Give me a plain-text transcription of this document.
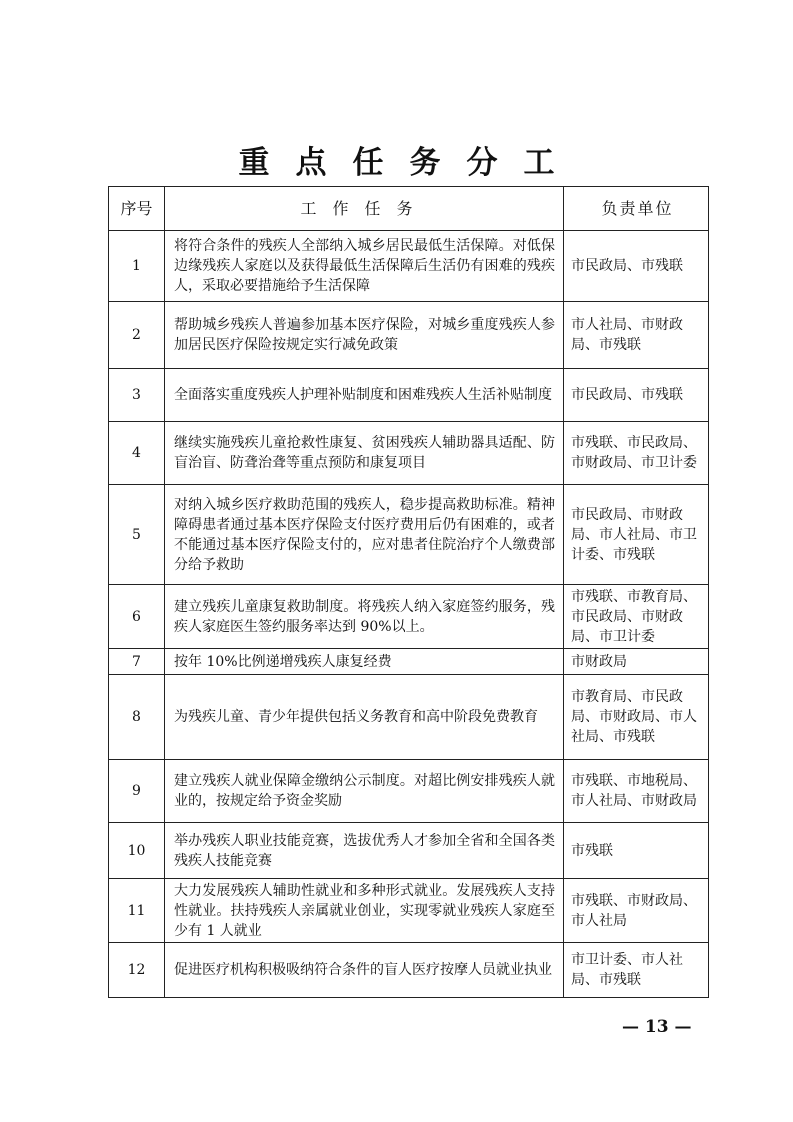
重点任务分工
序号	工作任务	负责单位
1	将符合条件的残疾人全部纳入城乡居民最低生活保障。对低保边缘残疾人家庭以及获得最低生活保障后生活仍有困难的残疾人，采取必要措施给予生活保障	市民政局、市残联
2	帮助城乡残疾人普遍参加基本医疗保险，对城乡重度残疾人参加居民医疗保险按规定实行减免政策	市人社局、市财政局、市残联
3	全面落实重度残疾人护理补贴制度和困难残疾人生活补贴制度	市民政局、市残联
4	继续实施残疾儿童抢救性康复、贫困残疾人辅助器具适配、防盲治盲、防聋治聋等重点预防和康复项目	市残联、市民政局、市财政局、市卫计委
5	对纳入城乡医疗救助范围的残疾人，稳步提高救助标准。精神障碍患者通过基本医疗保险支付医疗费用后仍有困难的，或者不能通过基本医疗保险支付的，应对患者住院治疗个人缴费部分给予救助	市民政局、市财政局、市人社局、市卫计委、市残联
6	建立残疾儿童康复救助制度。将残疾人纳入家庭签约服务，残疾人家庭医生签约服务率达到 90%以上。	市残联、市教育局、市民政局、市财政局、市卫计委
7	按年 10%比例递增残疾人康复经费	市财政局
8	为残疾儿童、青少年提供包括义务教育和高中阶段免费教育	市教育局、市民政局、市财政局、市人社局、市残联
9	建立残疾人就业保障金缴纳公示制度。对超比例安排残疾人就业的，按规定给予资金奖励	市残联、市地税局、市人社局、市财政局
10	举办残疾人职业技能竞赛，选拔优秀人才参加全省和全国各类残疾人技能竞赛	市残联
11	大力发展残疾人辅助性就业和多种形式就业。发展残疾人支持性就业。扶持残疾人亲属就业创业，实现零就业残疾人家庭至少有 1 人就业	市残联、市财政局、市人社局
12	促进医疗机构积极吸纳符合条件的盲人医疗按摩人员就业执业	市卫计委、市人社局、市残联
— 13 —
